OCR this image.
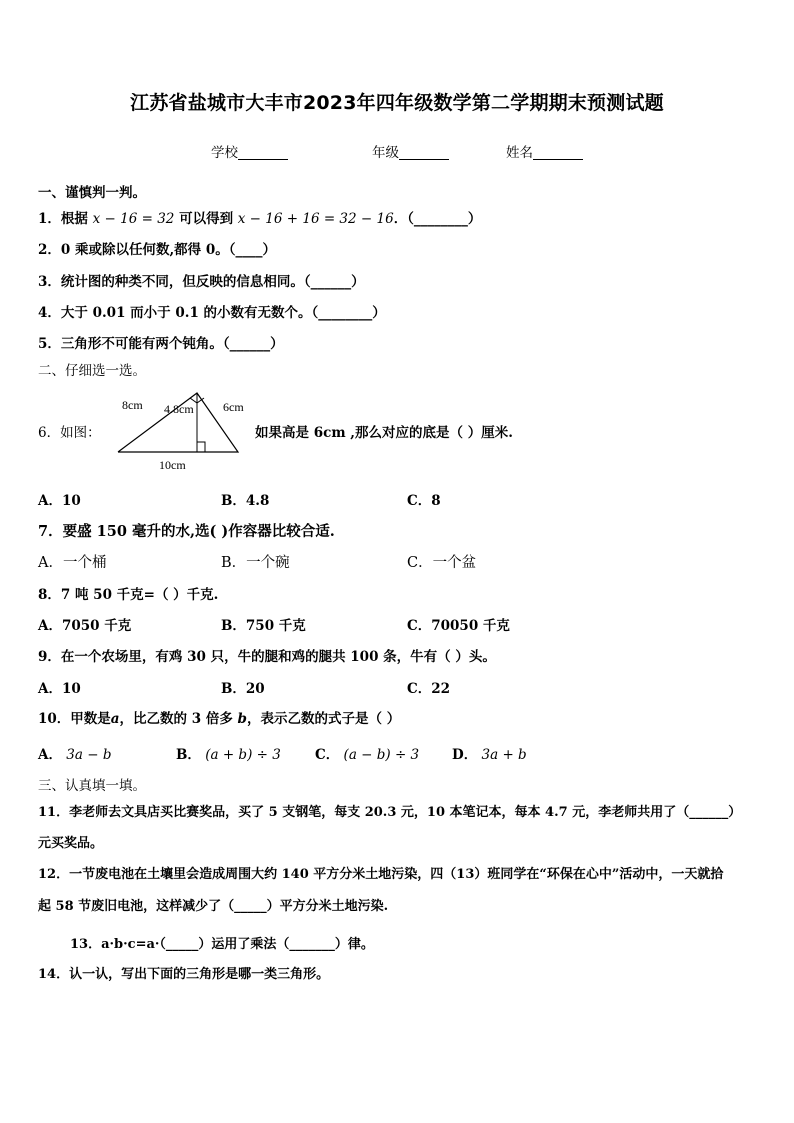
江苏省盐城市大丰市2023年四年级数学第二学期期末预测试题
学校	年级	姓名
一、谨慎判一判。
1．根据 x − 16 = 32 可以得到 x − 16 + 16 = 32 − 16．（________）
2．0 乘或除以任何数,都得 0。（____）
3．统计图的种类不同，但反映的信息相同。（______）
4．大于 0.01 而小于 0.1 的小数有无数个。（________）
5．三角形不可能有两个钝角。（______）
二、仔细选一选。
6．如图：
8cm 4.8cm 6cm
10cm
如果高是 6cm ,那么对应的底是（ ）厘米.
A．10	B．4.8	C．8
7．要盛 150 毫升的水,选( )作容器比较合适.
A．一个桶	B．一个碗	C．一个盆
8．7 吨 50 千克=（ ）千克.
A．7050 千克	B．750 千克	C．70050 千克
9．在一个农场里，有鸡 30 只，牛的腿和鸡的腿共 100 条，牛有（ ）头。
A．10	B．20	C．22
10．甲数是a，比乙数的 3 倍多 b，表示乙数的式子是（ ）
A． 3a − b	B． (a + b) ÷ 3	C． (a − b) ÷ 3 D． 3a + b
三、认真填一填。
11．李老师去文具店买比赛奖品，买了 5 支钢笔，每支 20.3 元，10 本笔记本，每本 4.7 元，李老师共用了（______）
元买奖品。
12．一节废电池在土壤里会造成周围大约 140 平方分米土地污染，四（13）班同学在“环保在心中”活动中，一天就拾
起 58 节废旧电池，这样减少了（_____）平方分米土地污染.
13．a·b·c=a·（_____）运用了乘法（_______）律。
14．认一认，写出下面的三角形是哪一类三角形。
